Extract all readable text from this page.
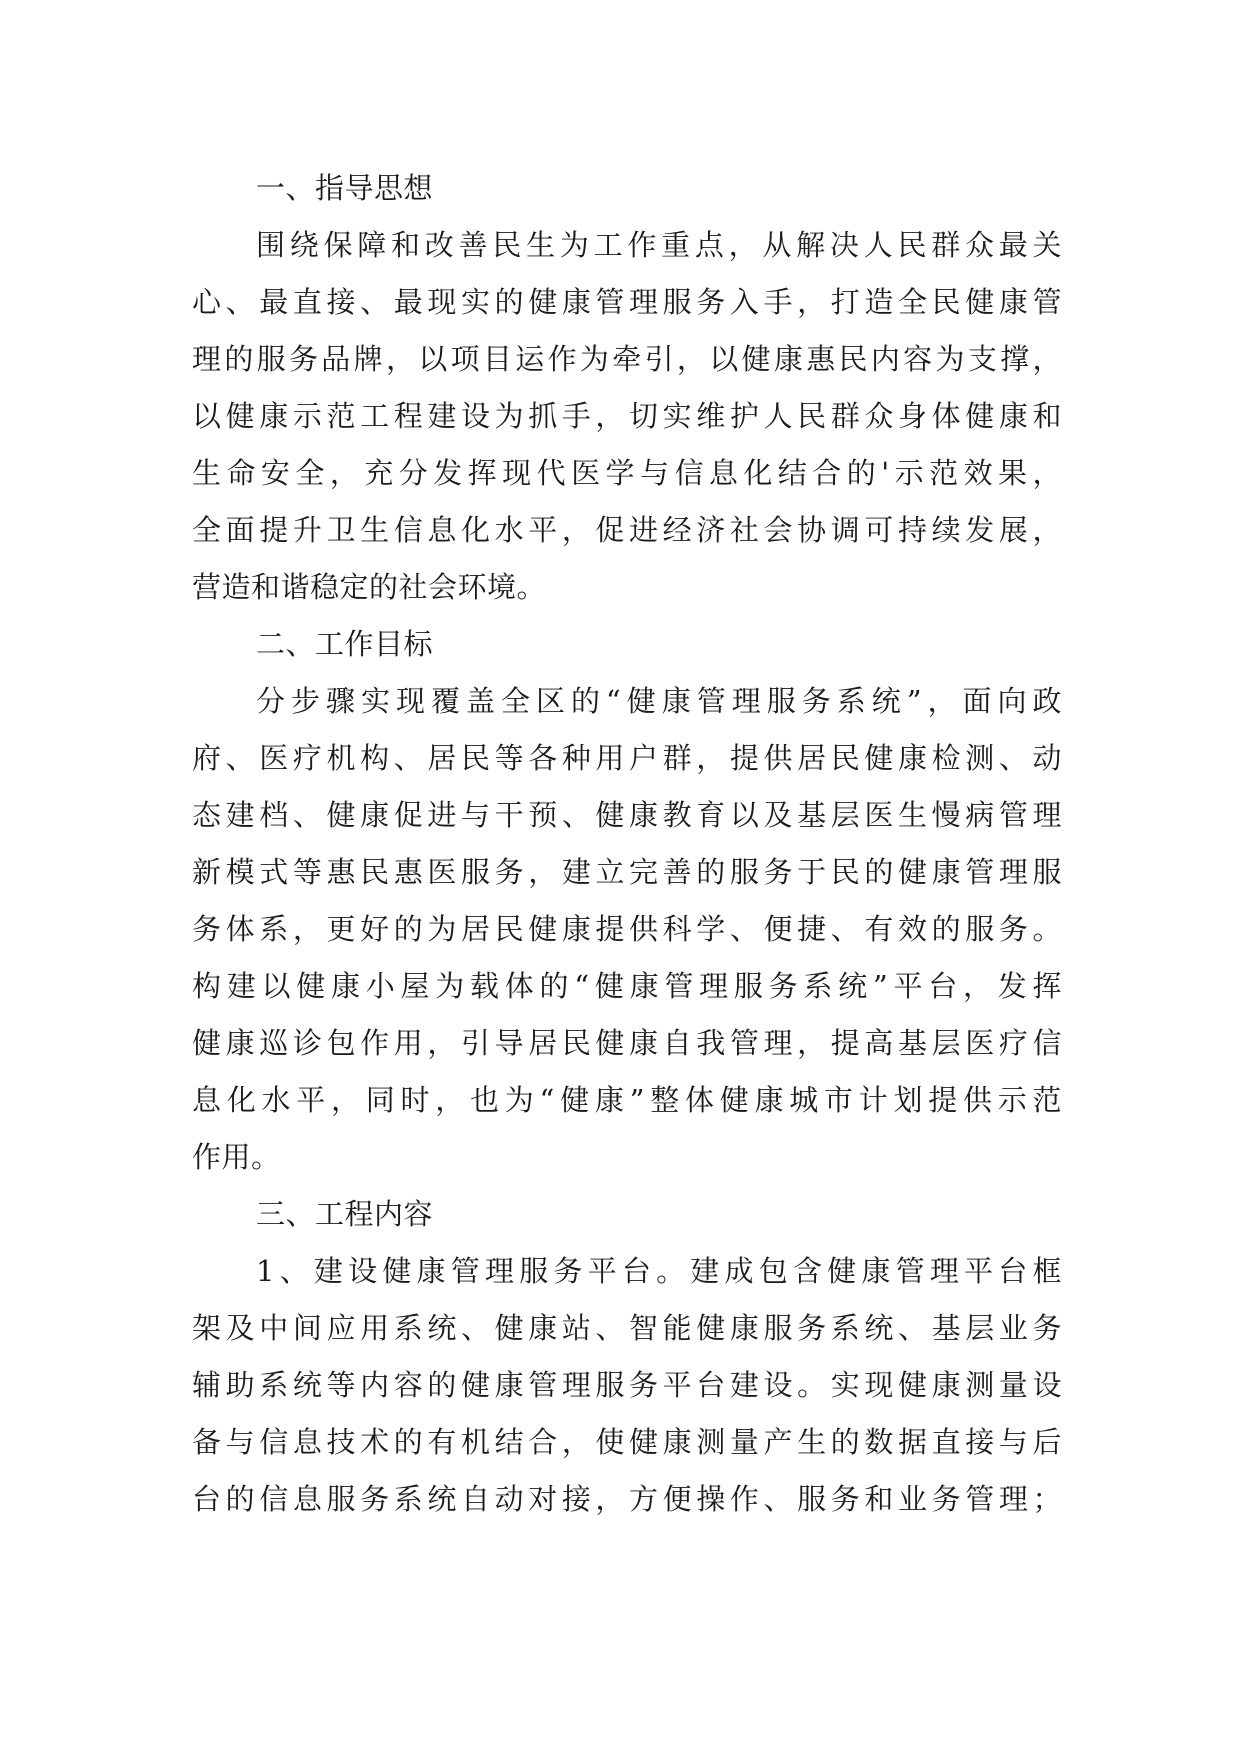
一、指导思想
围绕保障和改善民生为工作重点，从解决人民群众最关
心、最直接、最现实的健康管理服务入手，打造全民健康管
理的服务品牌，以项目运作为牵引，以健康惠民内容为支撑，
以健康示范工程建设为抓手，切实维护人民群众身体健康和
生命安全，充分发挥现代医学与信息化结合的'示范效果，
全面提升卫生信息化水平，促进经济社会协调可持续发展，
营造和谐稳定的社会环境。
二、工作目标
分步骤实现覆盖全区的“健康管理服务系统”，面向政
府、医疗机构、居民等各种用户群，提供居民健康检测、动
态建档、健康促进与干预、健康教育以及基层医生慢病管理
新模式等惠民惠医服务，建立完善的服务于民的健康管理服
务体系，更好的为居民健康提供科学、便捷、有效的服务。
构建以健康小屋为载体的“健康管理服务系统”平台，发挥
健康巡诊包作用，引导居民健康自我管理，提高基层医疗信
息化水平，同时，也为“健康”整体健康城市计划提供示范
作用。
三、工程内容
1、建设健康管理服务平台。建成包含健康管理平台框
架及中间应用系统、健康站、智能健康服务系统、基层业务
辅助系统等内容的健康管理服务平台建设。实现健康测量设
备与信息技术的有机结合，使健康测量产生的数据直接与后
台的信息服务系统自动对接，方便操作、服务和业务管理；
